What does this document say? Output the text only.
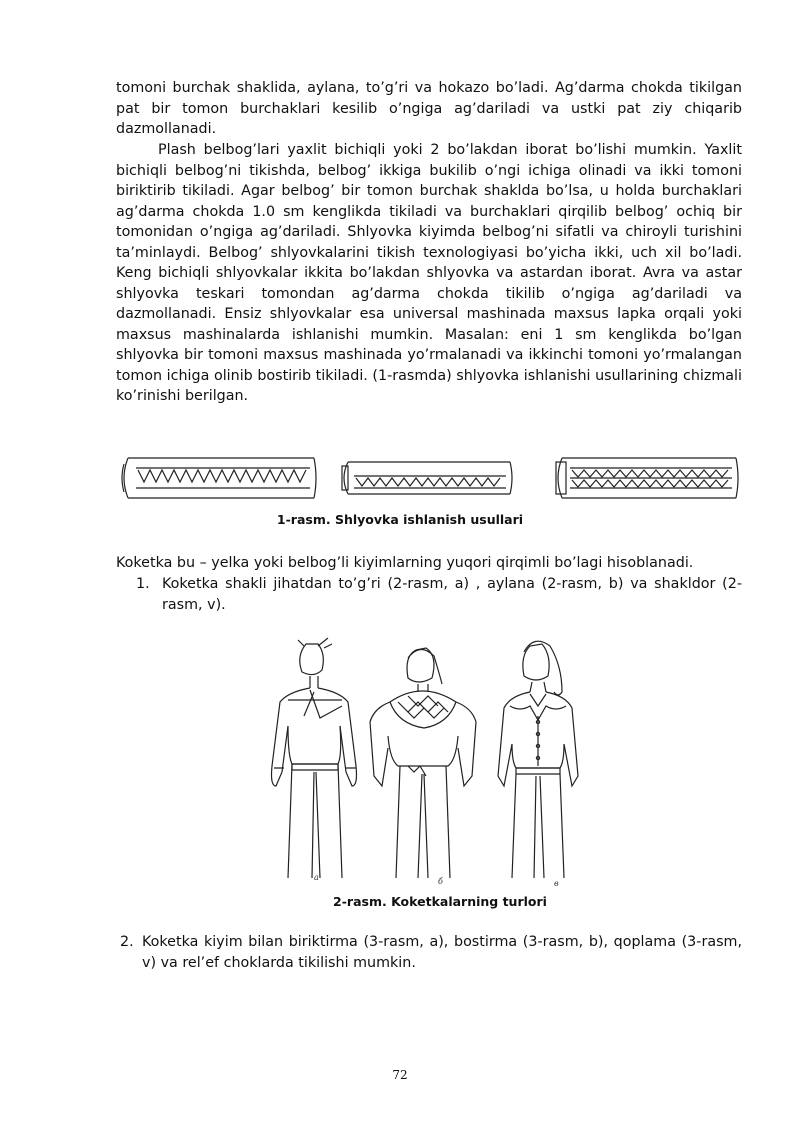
tomoni burchak shaklida, aylana, to’g’ri va hokazo bo’ladi. Ag’darma chokda tikilgan pat bir tomon burchaklari kesilib o’ngiga ag’dariladi va ustki pat ziy chiqarib dazmollanadi.

Plash belbog’lari yaxlit bichiqli yoki 2 bo’lakdan iborat bo’lishi mumkin. Yaxlit bichiqli belbog’ni tikishda, belbog’ ikkiga bukilib o’ngi ichiga olinadi va ikki tomoni biriktirib tikiladi. Agar belbog’ bir tomon burchak shaklda bo’lsa, u holda burchaklari ag’darma chokda 1.0 sm kenglikda tikiladi va burchaklari qirqilib belbog’ ochiq bir tomonidan o’ngiga ag’dariladi. Shlyovka kiyimda belbog’ni sifatli va chiroyli turishini ta’minlaydi. Belbog’ shlyovkalarini tikish texnologiyasi bo’yicha ikki, uch xil bo’ladi. Keng bichiqli shlyovkalar ikkita bo’lakdan shlyovka va astardan iborat. Avra va astar shlyovka teskari tomondan ag’darma chokda tikilib o’ngiga ag’dariladi va dazmollanadi. Ensiz shlyovkalar esa universal mashinada maxsus lapka orqali yoki maxsus mashinalarda ishlanishi mumkin. Masalan: eni 1 sm kenglikda bo’lgan shlyovka bir tomoni maxsus mashinada yo’rmalanadi va ikkinchi tomoni yo’rmalangan tomon ichiga olinib bostirib tikiladi. (1-rasmda) shlyovka ishlanishi usullarining chizmali ko’rinishi berilgan.

1-rasm. Shlyovka ishlanish usullari

Koketka bu – yelka yoki belbog’li kiyimlarning yuqori qirqimli bo’lagi hisoblanadi.

1. Koketka shakli jihatdan to’g’ri (2-rasm, a) , aylana (2-rasm, b) va shakldor (2-rasm, v).
а	б	в

2-rasm. Koketkalarning turlori

2. Koketka kiyim bilan biriktirma (3-rasm, a), bostirma (3-rasm, b), qoplama (3-rasm, v) va rel’ef choklarda tikilishi mumkin.

72
